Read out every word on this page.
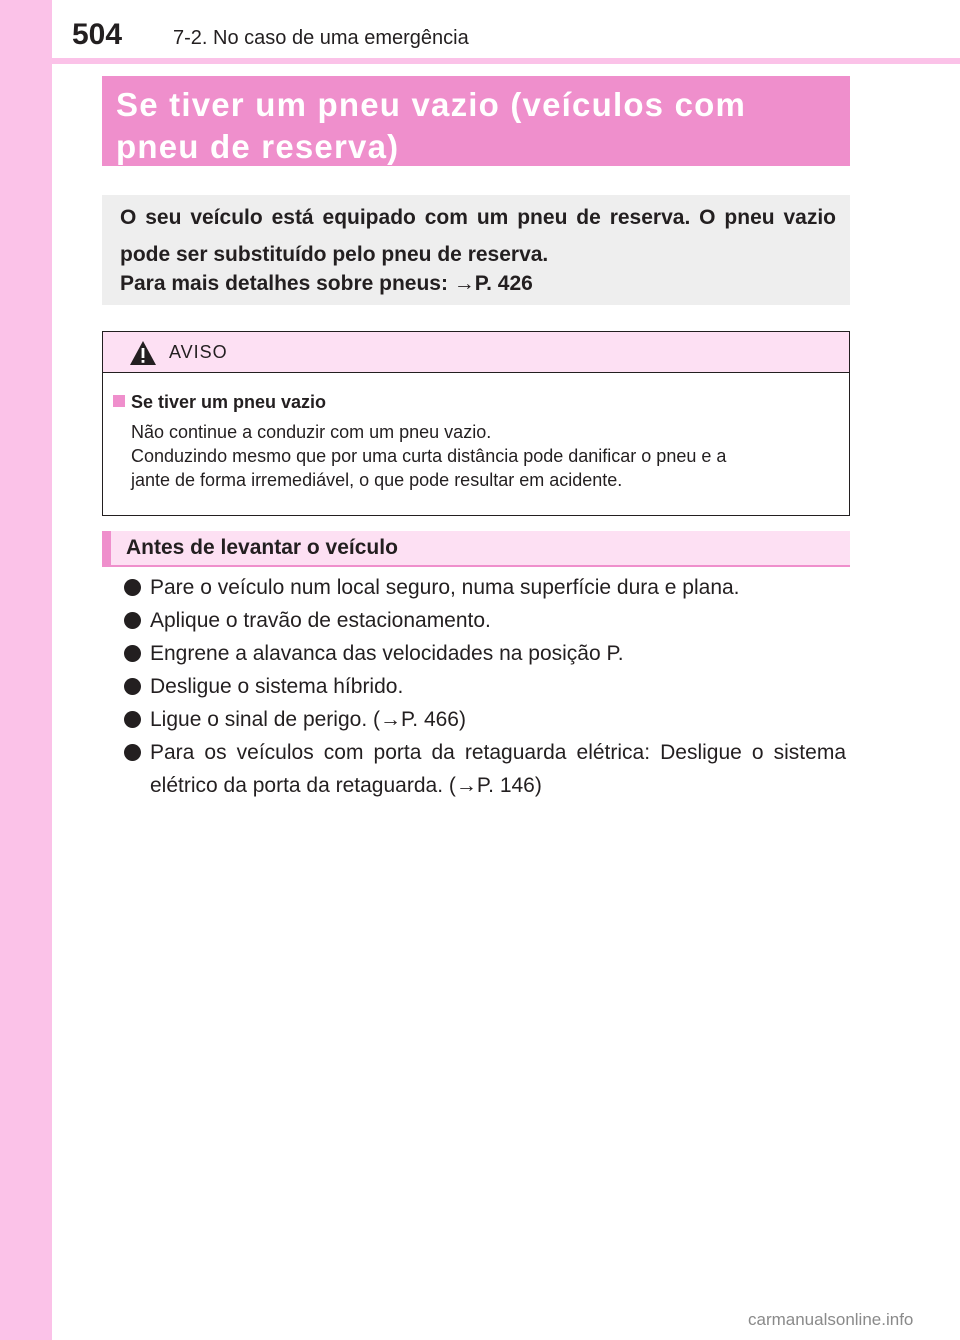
504	7-2. No caso de uma emergência
Se tiver um pneu vazio (veículos com pneu de reserva)

O seu veículo está equipado com um pneu de reserva. O pneu vazio pode ser substituído pelo pneu de reserva.

Para mais detalhes sobre pneus: →P. 426
AVISO
Se tiver um pneu vazio
Não continue a conduzir com um pneu vazio.
Conduzindo mesmo que por uma curta distância pode danificar o pneu e a
jante de forma irremediável, o que pode resultar em acidente.
Antes de levantar o veículo
Pare o veículo num local seguro, numa superfície dura e plana.
Aplique o travão de estacionamento.
Engrene a alavanca das velocidades na posição P.
Desligue o sistema híbrido.
Ligue o sinal de perigo. (→P. 466)
Para os veículos com porta da retaguarda elétrica: Desligue o sistema elétrico da porta da retaguarda. (→P. 146)
carmanualsonline.info
